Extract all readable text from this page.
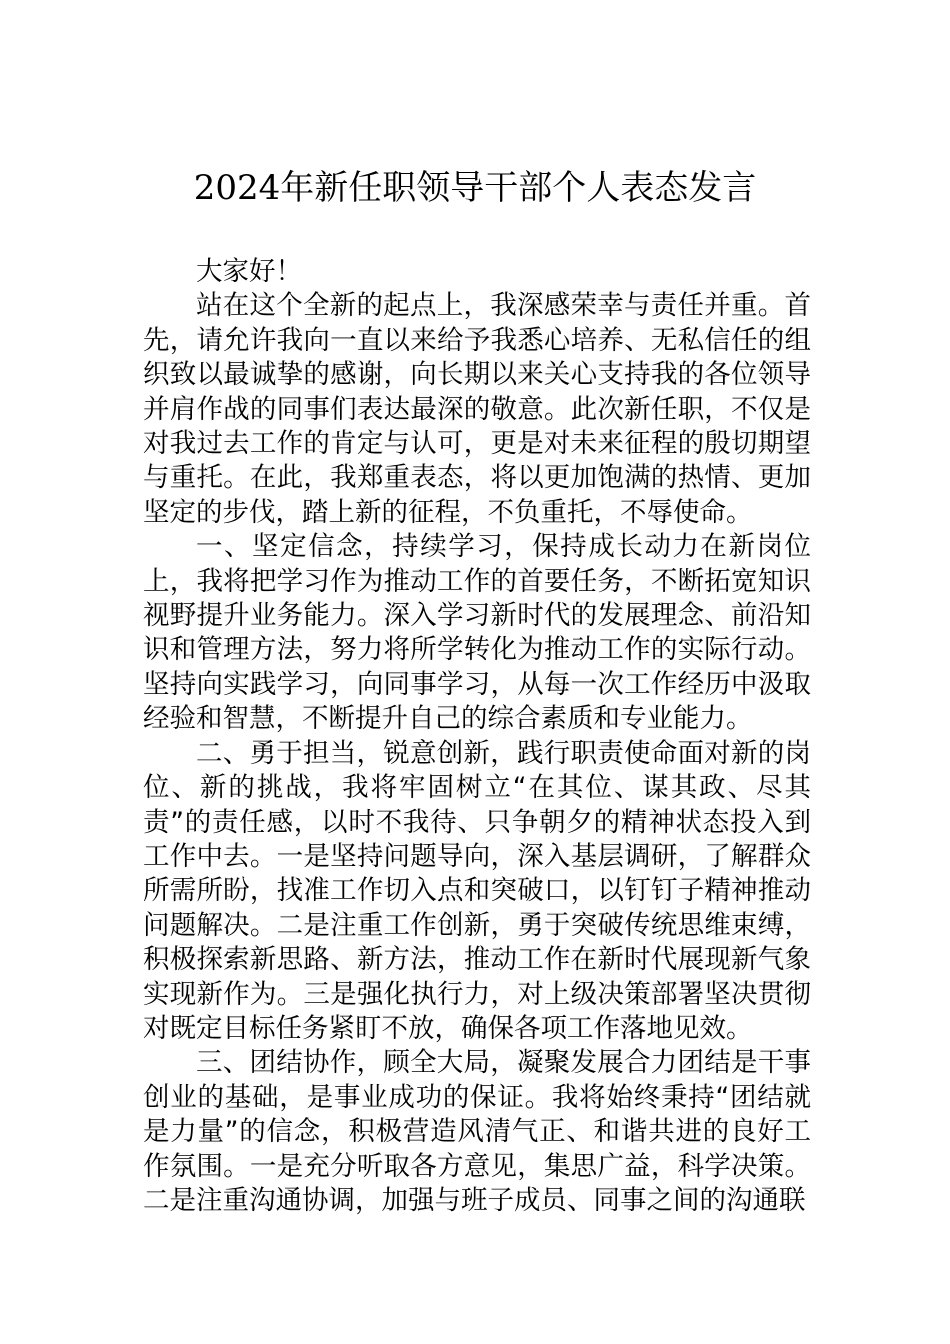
2024年新任职领导干部个人表态发言

大家好！

站在这个全新的起点上，我深感荣幸与责任并重。首先，请允许我向一直以来给予我悉心培养、无私信任的组织致以最诚挚的感谢，向长期以来关心支持我的各位领导并肩作战的同事们表达最深的敬意。此次新任职，不仅是对我过去工作的肯定与认可，更是对未来征程的殷切期望与重托。在此，我郑重表态，将以更加饱满的热情、更加坚定的步伐，踏上新的征程，不负重托，不辱使命。

一、坚定信念，持续学习，保持成长动力在新岗位上，我将把学习作为推动工作的首要任务，不断拓宽知识视野提升业务能力。深入学习新时代的发展理念、前沿知识和管理方法，努力将所学转化为推动工作的实际行动。坚持向实践学习，向同事学习，从每一次工作经历中汲取经验和智慧，不断提升自己的综合素质和专业能力。

二、勇于担当，锐意创新，践行职责使命面对新的岗位、新的挑战，我将牢固树立“在其位、谋其政、尽其责”的责任感，以时不我待、只争朝夕的精神状态投入到工作中去。一是坚持问题导向，深入基层调研，了解群众所需所盼，找准工作切入点和突破口，以钉钉子精神推动问题解决。二是注重工作创新，勇于突破传统思维束缚，积极探索新思路、新方法，推动工作在新时代展现新气象实现新作为。三是强化执行力，对上级决策部署坚决贯彻对既定目标任务紧盯不放，确保各项工作落地见效。

三、团结协作，顾全大局，凝聚发展合力团结是干事创业的基础，是事业成功的保证。我将始终秉持“团结就是力量”的信念，积极营造风清气正、和谐共进的良好工作氛围。一是充分听取各方意见，集思广益，科学决策。二是注重沟通协调，加强与班子成员、同事之间的沟通联
